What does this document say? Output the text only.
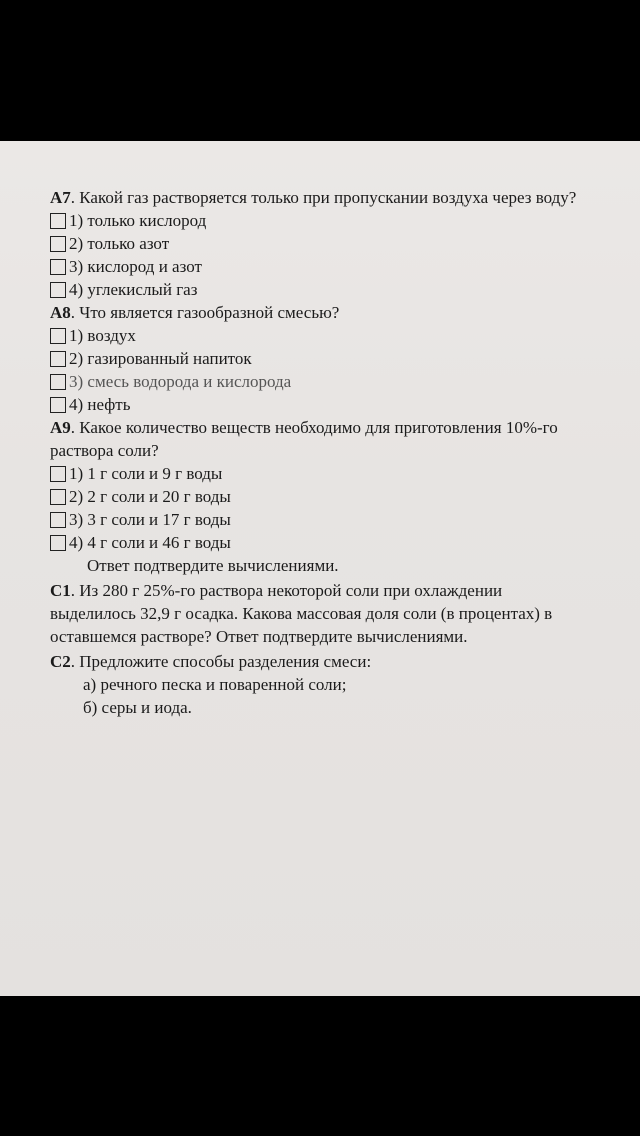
A7. Какой газ растворяется только при пропускании воздуха через воду?

1) только кислород

2) только азот

3) кислород и азот

4) углекислый газ

A8. Что является газообразной смесью?

1) воздух

2) газированный напиток

3) смесь водорода и кислорода

4) нефть

A9. Какое количество веществ необходимо для приготовления 10%-го раствора соли?

1) 1 г соли и 9 г воды

2) 2 г соли и 20 г воды

3) 3 г соли и 17 г воды

4) 4 г соли и 46 г воды

Ответ подтвердите вычислениями.

C1. Из 280 г 25%-го раствора некоторой соли при охлаждении выделилось 32,9 г осадка. Какова массовая доля соли (в процентах) в оставшемся растворе? Ответ подтвердите вычислениями.

C2. Предложите способы разделения смеси:

а) речного песка и поваренной соли;

б) серы и иода.
